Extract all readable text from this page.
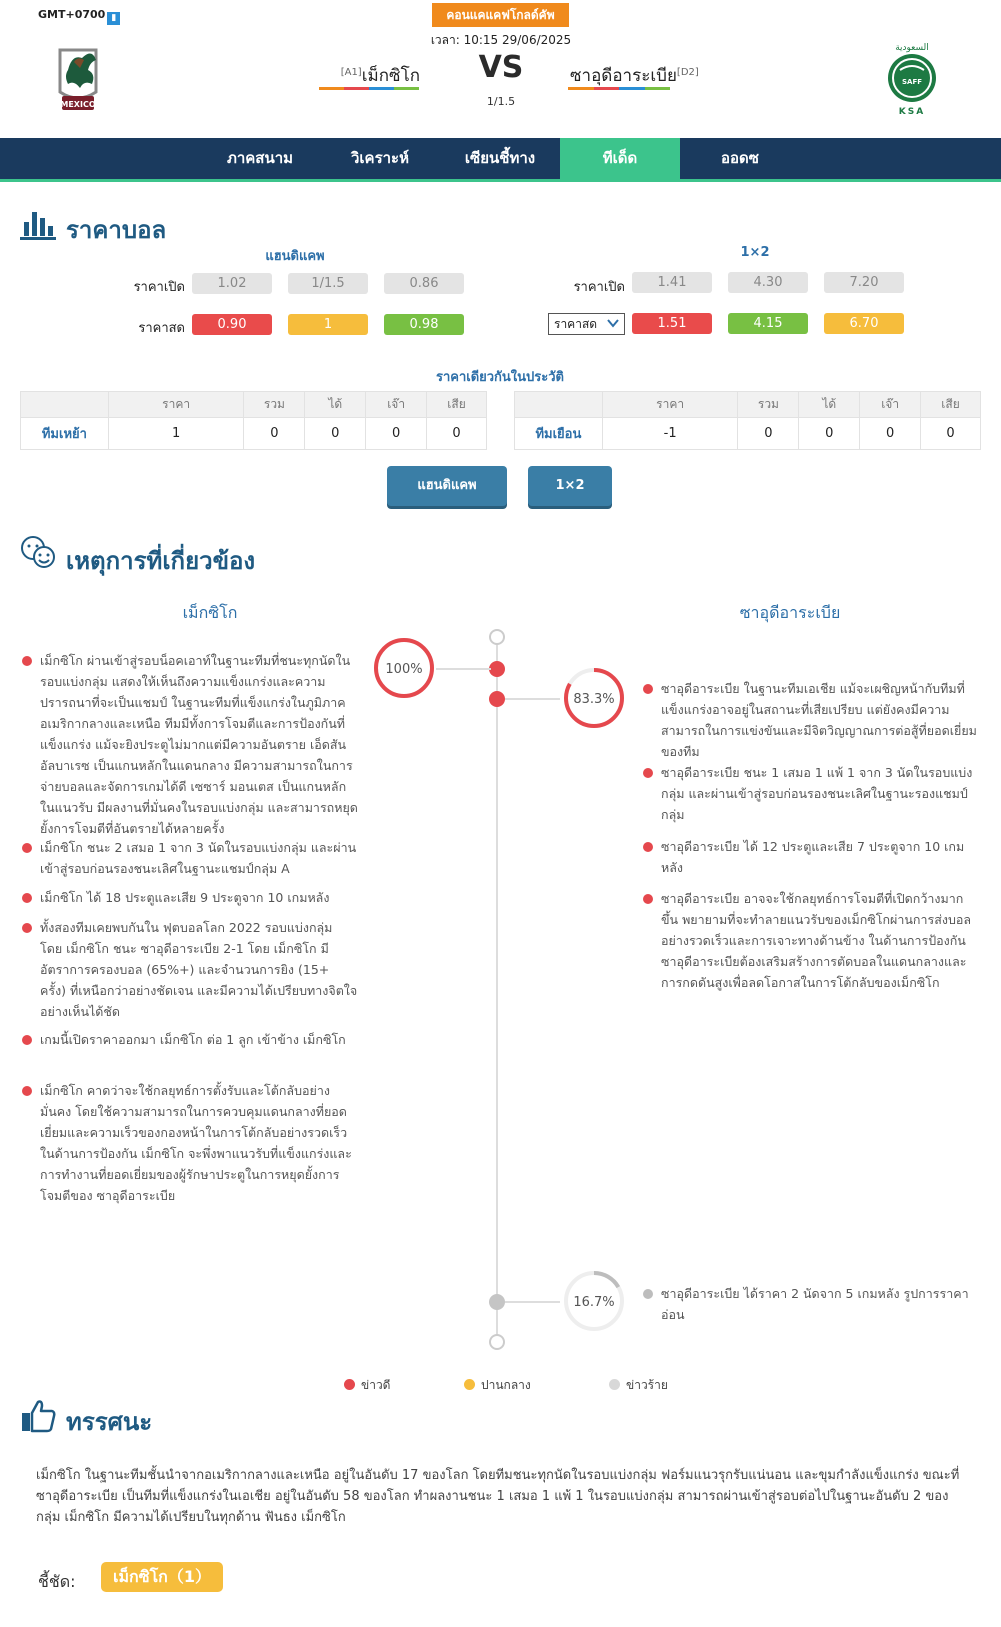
GMT+0700 ▮	คอนแคแคฟโกลด์คัพ
เวลา: 10:15 29/06/2025
[A1]เม็กซิโก VS
1/1.5
ซาอุดีอาระเบีย[D2]
MEXICO
السعودية
SAFF
KSA
ภาคสนาม	วิเคราะห์	เซียนชี้ทาง	ทีเด็ด	ออดซ
ราคาบอล
แฮนดิแคพ	1×2
ราคาเปิด	1.02	1/1.5	0.86
ราคาสด	0.90	1	0.98
ราคาเปิด	1.41	4.30	7.20
ราคาสด	1.51	4.15	6.70
ราคาเดียวกันในประวัติ
	ราคา	รวม	ได้	เจ๊า	เสีย
ทีมเหย้า	1	0	0	0	0
	ราคา	รวม	ได้	เจ๊า	เสีย
ทีมเยือน	-1	0	0	0	0
แฮนดิแคพ	1×2
เหตุการที่เกี่ยวข้อง
เม็กซิโก	ซาอุดีอาระเบีย
100%
83.3%
16.7%
เม็กซิโก ผ่านเข้าสู่รอบน็อคเอาท์ในฐานะทีมที่ชนะทุกนัดในรอบแบ่งกลุ่ม แสดงให้เห็นถึงความแข็งแกร่งและความปรารถนาที่จะเป็นแชมป์ ในฐานะทีมที่แข็งแกร่งในภูมิภาคอเมริกากลางและเหนือ ทีมมีทั้งการโจมตีและการป้องกันที่แข็งแกร่ง แม้จะยิงประตูไม่มากแต่มีความอันตราย เอ็ดสัน อัลบาเรซ เป็นแกนหลักในแดนกลาง มีความสามารถในการจ่ายบอลและจัดการเกมได้ดี เซซาร์ มอนเตส เป็นแกนหลักในแนวรับ มีผลงานที่มั่นคงในรอบแบ่งกลุ่ม และสามารถหยุดยั้งการโจมตีที่อันตรายได้หลายครั้ง
เม็กซิโก ชนะ 2 เสมอ 1 จาก 3 นัดในรอบแบ่งกลุ่ม และผ่านเข้าสู่รอบก่อนรองชนะเลิศในฐานะแชมป์กลุ่ม A
เม็กซิโก ได้ 18 ประตูและเสีย 9 ประตูจาก 10 เกมหลัง
ทั้งสองทีมเคยพบกันใน ฟุตบอลโลก 2022 รอบแบ่งกลุ่ม โดย เม็กซิโก ชนะ ซาอุดีอาระเบีย 2-1 โดย เม็กซิโก มีอัตราการครองบอล (65%+) และจำนวนการยิง (15+ ครั้ง) ที่เหนือกว่าอย่างชัดเจน และมีความได้เปรียบทางจิตใจอย่างเห็นได้ชัด
เกมนี้เปิดราคาออกมา เม็กซิโก ต่อ 1 ลูก เข้าข้าง เม็กซิโก
เม็กซิโก คาดว่าจะใช้กลยุทธ์การตั้งรับและโต้กลับอย่างมั่นคง โดยใช้ความสามารถในการควบคุมแดนกลางที่ยอดเยี่ยมและความเร็วของกองหน้าในการโต้กลับอย่างรวดเร็ว ในด้านการป้องกัน เม็กซิโก จะพึ่งพาแนวรับที่แข็งแกร่งและการทำงานที่ยอดเยี่ยมของผู้รักษาประตูในการหยุดยั้งการโจมตีของ ซาอุดีอาระเบีย
ซาอุดีอาระเบีย ในฐานะทีมเอเชีย แม้จะเผชิญหน้ากับทีมที่แข็งแกร่งอาจอยู่ในสถานะที่เสียเปรียบ แต่ยังคงมีความสามารถในการแข่งขันและมีจิตวิญญาณการต่อสู้ที่ยอดเยี่ยมของทีม
ซาอุดีอาระเบีย ชนะ 1 เสมอ 1 แพ้ 1 จาก 3 นัดในรอบแบ่งกลุ่ม และผ่านเข้าสู่รอบก่อนรองชนะเลิศในฐานะรองแชมป์กลุ่ม
ซาอุดีอาระเบีย ได้ 12 ประตูและเสีย 7 ประตูจาก 10 เกมหลัง
ซาอุดีอาระเบีย อาจจะใช้กลยุทธ์การโจมตีที่เปิดกว้างมากขึ้น พยายามที่จะทำลายแนวรับของเม็กซิโกผ่านการส่งบอลอย่างรวดเร็วและการเจาะทางด้านข้าง ในด้านการป้องกัน ซาอุดีอาระเบียต้องเสริมสร้างการตัดบอลในแดนกลางและการกดดันสูงเพื่อลดโอกาสในการโต้กลับของเม็กซิโก
ซาอุดีอาระเบีย ได้ราคา 2 นัดจาก 5 เกมหลัง รูปการราคาอ่อน
ข่าวดี	ปานกลาง	ข่าวร้าย
ทรรศนะ
เม็กซิโก ในฐานะทีมชั้นนำจากอเมริกากลางและเหนือ อยู่ในอันดับ 17 ของโลก โดยทีมชนะทุกนัดในรอบแบ่งกลุ่ม ฟอร์มแนวรุกรับแน่นอน และขุมกำลังแข็งแกร่ง ขณะที่ ซาอุดีอาระเบีย เป็นทีมที่แข็งแกร่งในเอเชีย อยู่ในอันดับ 58 ของโลก ทำผลงานชนะ 1 เสมอ 1 แพ้ 1 ในรอบแบ่งกลุ่ม สามารถผ่านเข้าสู่รอบต่อไปในฐานะอันดับ 2 ของกลุ่ม เม็กซิโก มีความได้เปรียบในทุกด้าน ฟันธง เม็กซิโก
ชี้ชัด:	เม็กซิโก（1）
